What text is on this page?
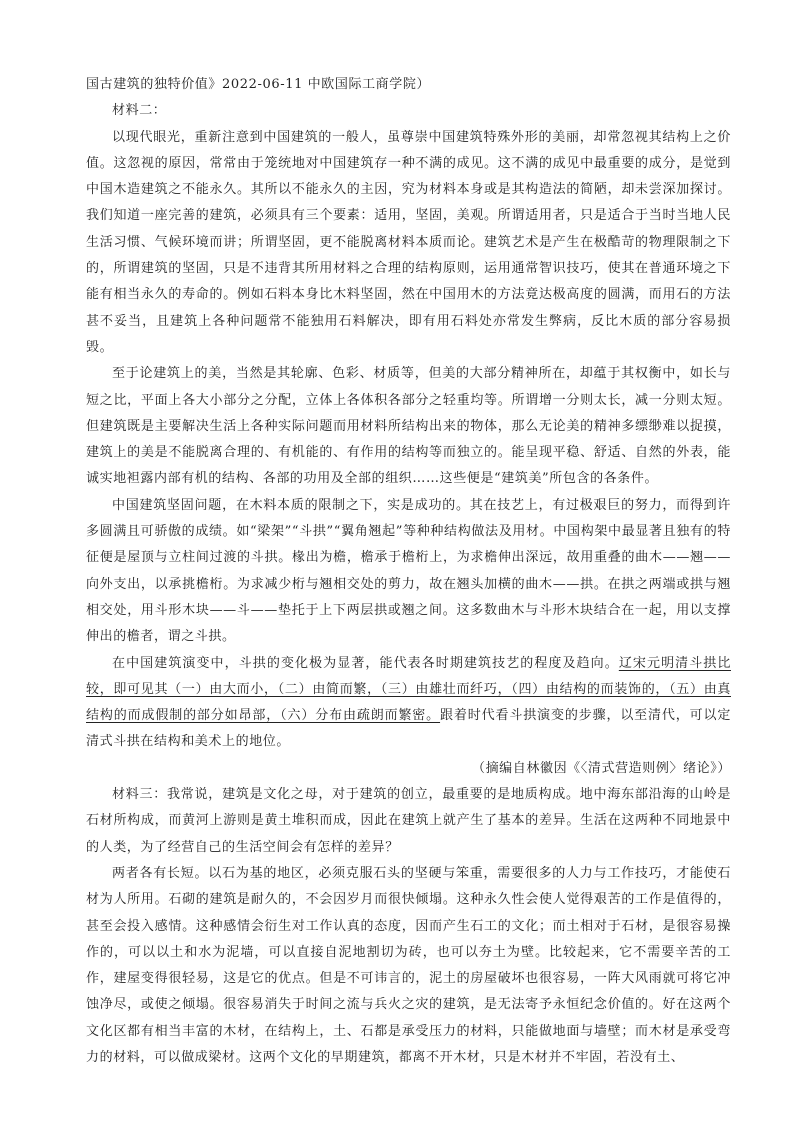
国古建筑的独特价值》2022-06-11 中欧国际工商学院）

材料二：

以现代眼光，重新注意到中国建筑的一般人，虽尊崇中国建筑特殊外形的美丽，却常忽视其结构上之价值。这忽视的原因，常常由于笼统地对中国建筑存一种不满的成见。这不满的成见中最重要的成分，是觉到中国木造建筑之不能永久。其所以不能永久的主因，究为材料本身或是其构造法的简陋，却未尝深加探讨。我们知道一座完善的建筑，必须具有三个要素：适用，坚固，美观。所谓适用者，只是适合于当时当地人民生活习惯、气候环境而讲；所谓坚固，更不能脱离材料本质而论。建筑艺术是产生在极酷苛的物理限制之下的，所谓建筑的坚固，只是不违背其所用材料之合理的结构原则，运用通常智识技巧，使其在普通环境之下能有相当永久的寿命的。例如石料本身比木料坚固，然在中国用木的方法竟达极高度的圆满，而用石的方法甚不妥当，且建筑上各种问题常不能独用石料解决，即有用石料处亦常发生弊病，反比木质的部分容易损毁。

至于论建筑上的美，当然是其轮廓、色彩、材质等，但美的大部分精神所在，却蕴于其权衡中，如长与短之比，平面上各大小部分之分配，立体上各体积各部分之轻重均等。所谓增一分则太长，减一分则太短。但建筑既是主要解决生活上各种实际问题而用材料所结构出来的物体，那么无论美的精神多缥缈难以捉摸，建筑上的美是不能脱离合理的、有机能的、有作用的结构等而独立的。能呈现平稳、舒适、自然的外表，能诚实地袒露内部有机的结构、各部的功用及全部的组织……这些便是“建筑美”所包含的各条件。

中国建筑坚固问题，在木料本质的限制之下，实是成功的。其在技艺上，有过极艰巨的努力，而得到许多圆满且可骄傲的成绩。如“梁架”“斗拱”“翼角翘起”等种种结构做法及用材。中国构架中最显著且独有的特征便是屋顶与立柱间过渡的斗拱。椽出为檐，檐承于檐桁上，为求檐伸出深远，故用重叠的曲木——翘——向外支出，以承挑檐桁。为求减少桁与翘相交处的剪力，故在翘头加横的曲木——拱。在拱之两端或拱与翘相交处，用斗形木块——斗——垫托于上下两层拱或翘之间。这多数曲木与斗形木块结合在一起，用以支撑伸出的檐者，谓之斗拱。

在中国建筑演变中，斗拱的变化极为显著，能代表各时期建筑技艺的程度及趋向。辽宋元明清斗拱比较，即可见其（一）由大而小，（二）由简而繁，（三）由雄壮而纤巧，（四）由结构的而装饰的，（五）由真结构的而成假制的部分如昂部，（六）分布由疏朗而繁密。跟着时代看斗拱演变的步骤，以至清代，可以定清式斗拱在结构和美术上的地位。

（摘编自林徽因《〈清式营造则例〉绪论》）

材料三：我常说，建筑是文化之母，对于建筑的创立，最重要的是地质构成。地中海东部沿海的山岭是石材所构成，而黄河上游则是黄土堆积而成，因此在建筑上就产生了基本的差异。生活在这两种不同地景中的人类，为了经营自己的生活空间会有怎样的差异？

两者各有长短。以石为基的地区，必须克服石头的坚硬与笨重，需要很多的人力与工作技巧，才能使石材为人所用。石砌的建筑是耐久的，不会因岁月而很快倾塌。这种永久性会使人觉得艰苦的工作是值得的，甚至会投入感情。这种感情会衍生对工作认真的态度，因而产生石工的文化；而土相对于石材，是很容易操作的，可以以土和水为泥墙，可以直接自泥地割切为砖，也可以夯土为壁。比较起来，它不需要辛苦的工作，建屋变得很轻易，这是它的优点。但是不可讳言的，泥土的房屋破坏也很容易，一阵大风雨就可将它冲蚀净尽，或使之倾塌。很容易消失于时间之流与兵火之灾的建筑，是无法寄予永恒纪念价值的。好在这两个文化区都有相当丰富的木材，在结构上，土、石都是承受压力的材料，只能做地面与墙壁；而木材是承受弯力的材料，可以做成梁材。这两个文化的早期建筑，都离不开木材，只是木材并不牢固，若没有土、
